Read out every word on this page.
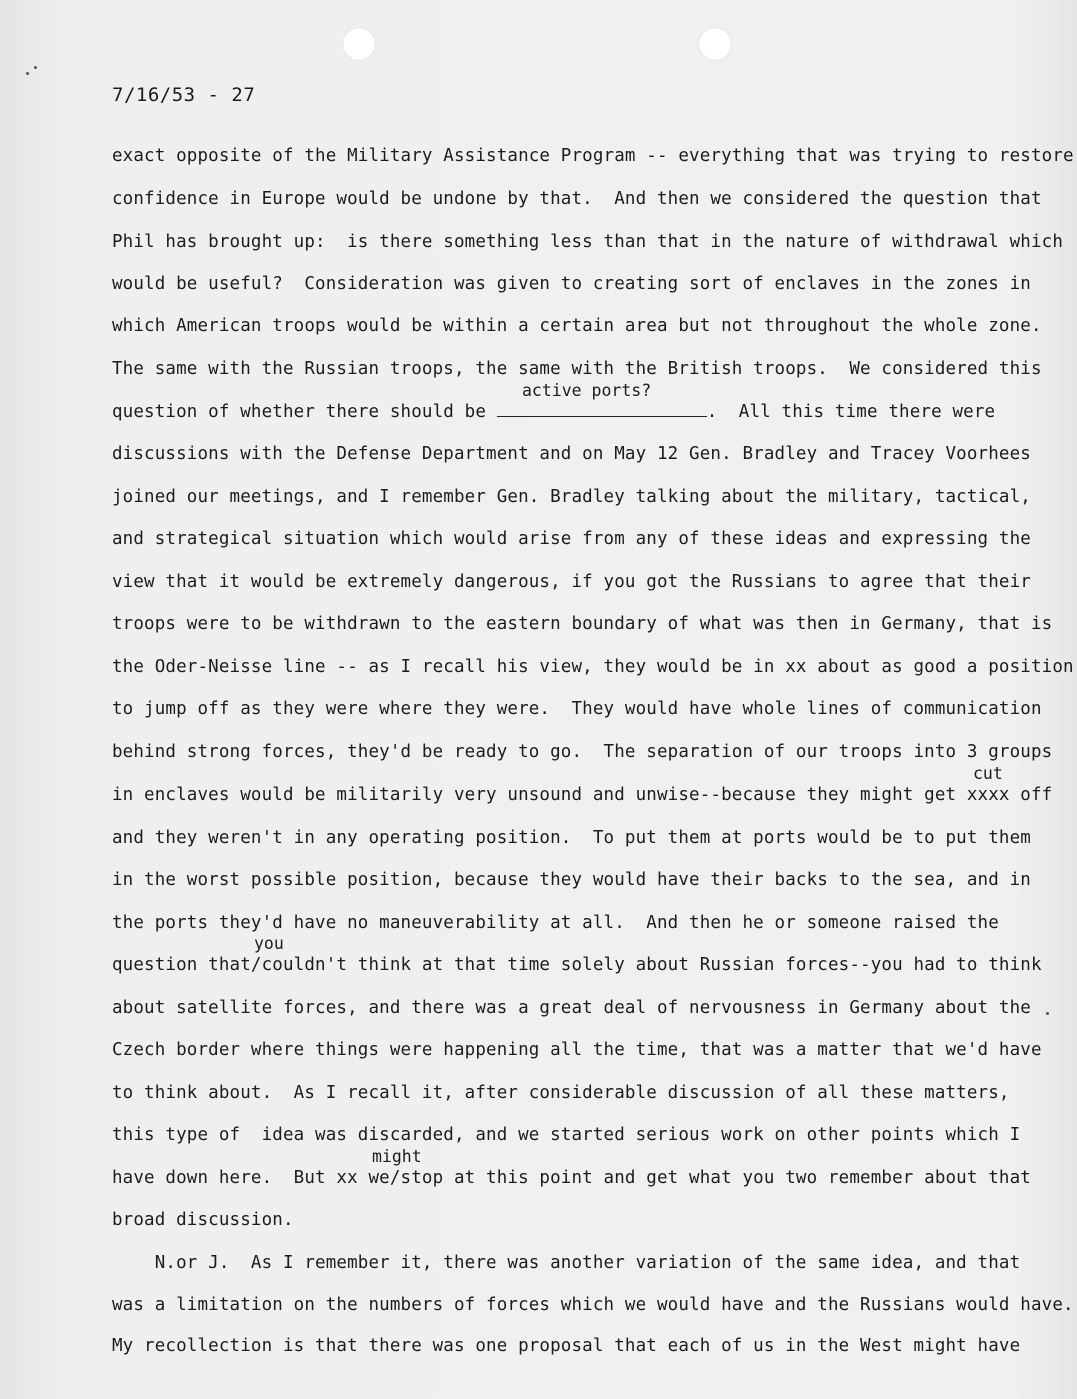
7/16/53 - 27
exact opposite of the Military Assistance Program -- everything that was trying to restore
confidence in Europe would be undone by that.  And then we considered the question that
Phil has brought up:  is there something less than that in the nature of withdrawal which
would be useful?  Consideration was given to creating sort of enclaves in the zones in
which American troops would be within a certain area but not throughout the whole zone.
The same with the Russian troops, the same with the British troops.  We considered this
active ports?
question of whether there should be	.  All this time there were
discussions with the Defense Department and on May 12 Gen. Bradley and Tracey Voorhees
joined our meetings, and I remember Gen. Bradley talking about the military, tactical,
and strategical situation which would arise from any of these ideas and expressing the
view that it would be extremely dangerous, if you got the Russians to agree that their
troops were to be withdrawn to the eastern boundary of what was then in Germany, that is
the Oder-Neisse line -- as I recall his view, they would be in xx about as good a position
to jump off as they were where they were.  They would have whole lines of communication
behind strong forces, they'd be ready to go.  The separation of our troops into 3 groups
cut
in enclaves would be militarily very unsound and unwise--because they might get xxxx off
and they weren't in any operating position.  To put them at ports would be to put them
in the worst possible position, because they would have their backs to the sea, and in
the ports they'd have no maneuverability at all.  And then he or someone raised the
you
question that/couldn't think at that time solely about Russian forces--you had to think
about satellite forces, and there was a great deal of nervousness in Germany about the
Czech border where things were happening all the time, that was a matter that we'd have
to think about.  As I recall it, after considerable discussion of all these matters,
this type of  idea was discarded, and we started serious work on other points which I
might
have down here.  But xx we/stop at this point and get what you two remember about that
broad discussion.
N.or J.  As I remember it, there was another variation of the same idea, and that
was a limitation on the numbers of forces which we would have and the Russians would have.
My recollection is that there was one proposal that each of us in the West might have
